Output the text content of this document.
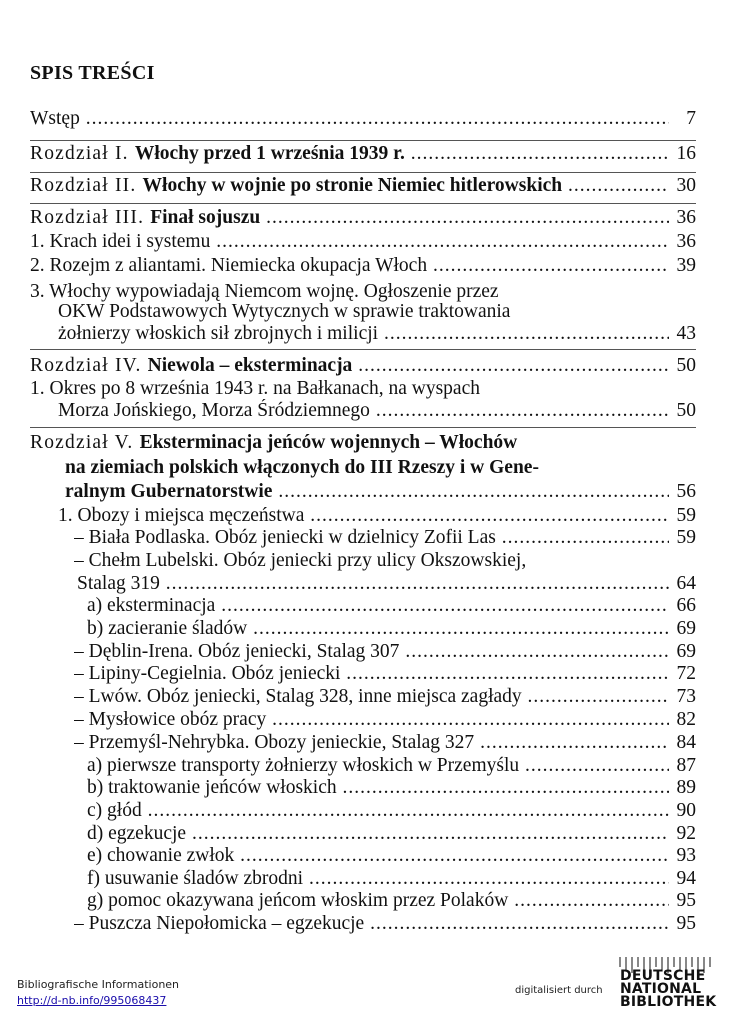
SPIS TREŚCI
Wstęp .....	7
Rozdział I. Włochy przed 1 września 1939 r. .....	16
Rozdział II. Włochy w wojnie po stronie Niemiec hitlerowskich .....	30
Rozdział III. Finał sojuszu .....	36
1. Krach idei i systemu .....	36
2. Rozejm z aliantami. Niemiecka okupacja Włoch .....	39
3. Włochy wypowiadają Niemcom wojnę. Ogłoszenie przez
OKW Podstawowych Wytycznych w sprawie traktowania
żołnierzy włoskich sił zbrojnych i milicji .....	43
Rozdział IV. Niewola – eksterminacja .....	50
1. Okres po 8 września 1943 r. na Bałkanach, na wyspach
Morza Jońskiego, Morza Śródziemnego .....	50
Rozdział V. Eksterminacja jeńców wojennych – Włochów
na ziemiach polskich włączonych do III Rzeszy i w Gene-
ralnym Gubernatorstwie .....	56
1. Obozy i miejsca męczeństwa .....	59
– Biała Podlaska. Obóz jeniecki w dzielnicy Zofii Las .....	59
– Chełm Lubelski. Obóz jeniecki przy ulicy Okszowskiej,
Stalag 319 .....	64
a) eksterminacja .....	66
b) zacieranie śladów .....	69
– Dęblin-Irena. Obóz jeniecki, Stalag 307 .....	69
– Lipiny-Cegielnia. Obóz jeniecki .....	72
– Lwów. Obóz jeniecki, Stalag 328, inne miejsca zagłady .....	73
– Mysłowice obóz pracy .....	82
– Przemyśl-Nehrybka. Obozy jenieckie, Stalag 327 .....	84
a) pierwsze transporty żołnierzy włoskich w Przemyślu .....	87
b) traktowanie jeńców włoskich .....	89
c) głód .....	90
d) egzekucje .....	92
e) chowanie zwłok .....	93
f) usuwanie śladów zbrodni .....	94
g) pomoc okazywana jeńcom włoskim przez Polaków .....	95
– Puszcza Niepołomicka – egzekucje .....	95
Bibliografische Informationen
http://d-nb.info/995068437
digitalisiert durch
DEUTSCHE
NATIONAL
BIBLIOTHEK
